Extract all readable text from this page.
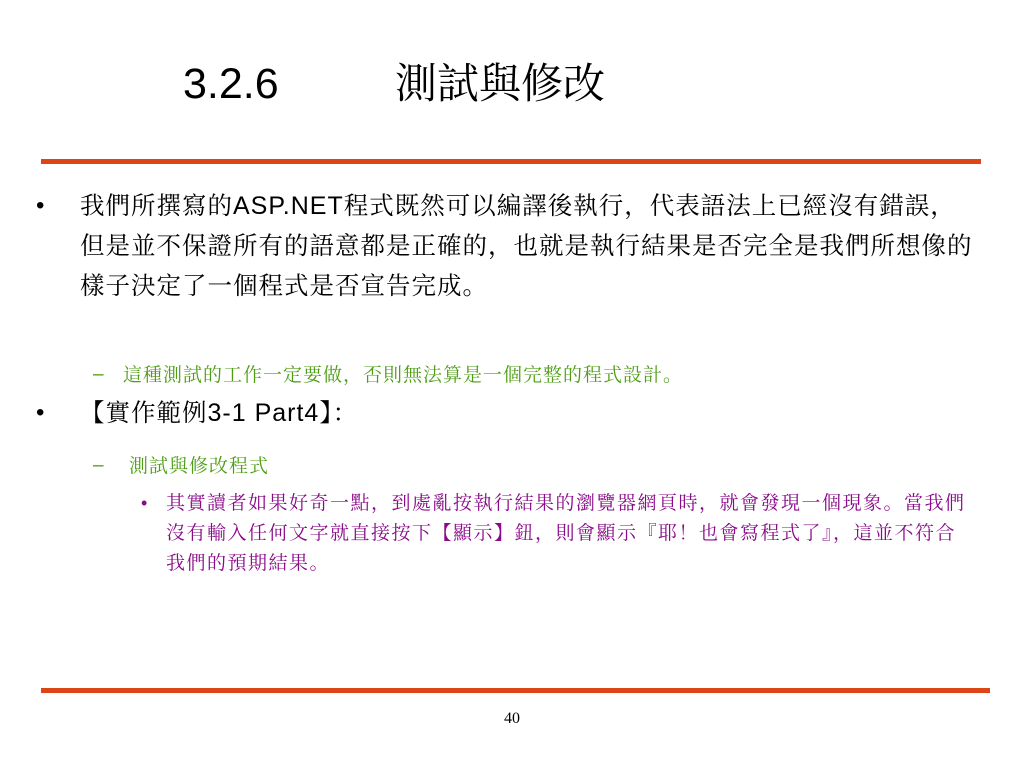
3.2.6	測試與修改
• 我們所撰寫的ASP.NET程式既然可以編譯後執行，代表語法上已經沒有錯誤，但是並不保證所有的語意都是正確的，也就是執行結果是否完全是我們所想像的樣子決定了一個程式是否宣告完成。
– 這種測試的工作一定要做，否則無法算是一個完整的程式設計。
• 【實作範例3-1 Part4】：
– 測試與修改程式
• 其實讀者如果好奇一點，到處亂按執行結果的瀏覽器網頁時，就會發現一個現象。當我們沒有輸入任何文字就直接按下【顯示】鈕，則會顯示『耶！也會寫程式了』，這並不符合我們的預期結果。
40
